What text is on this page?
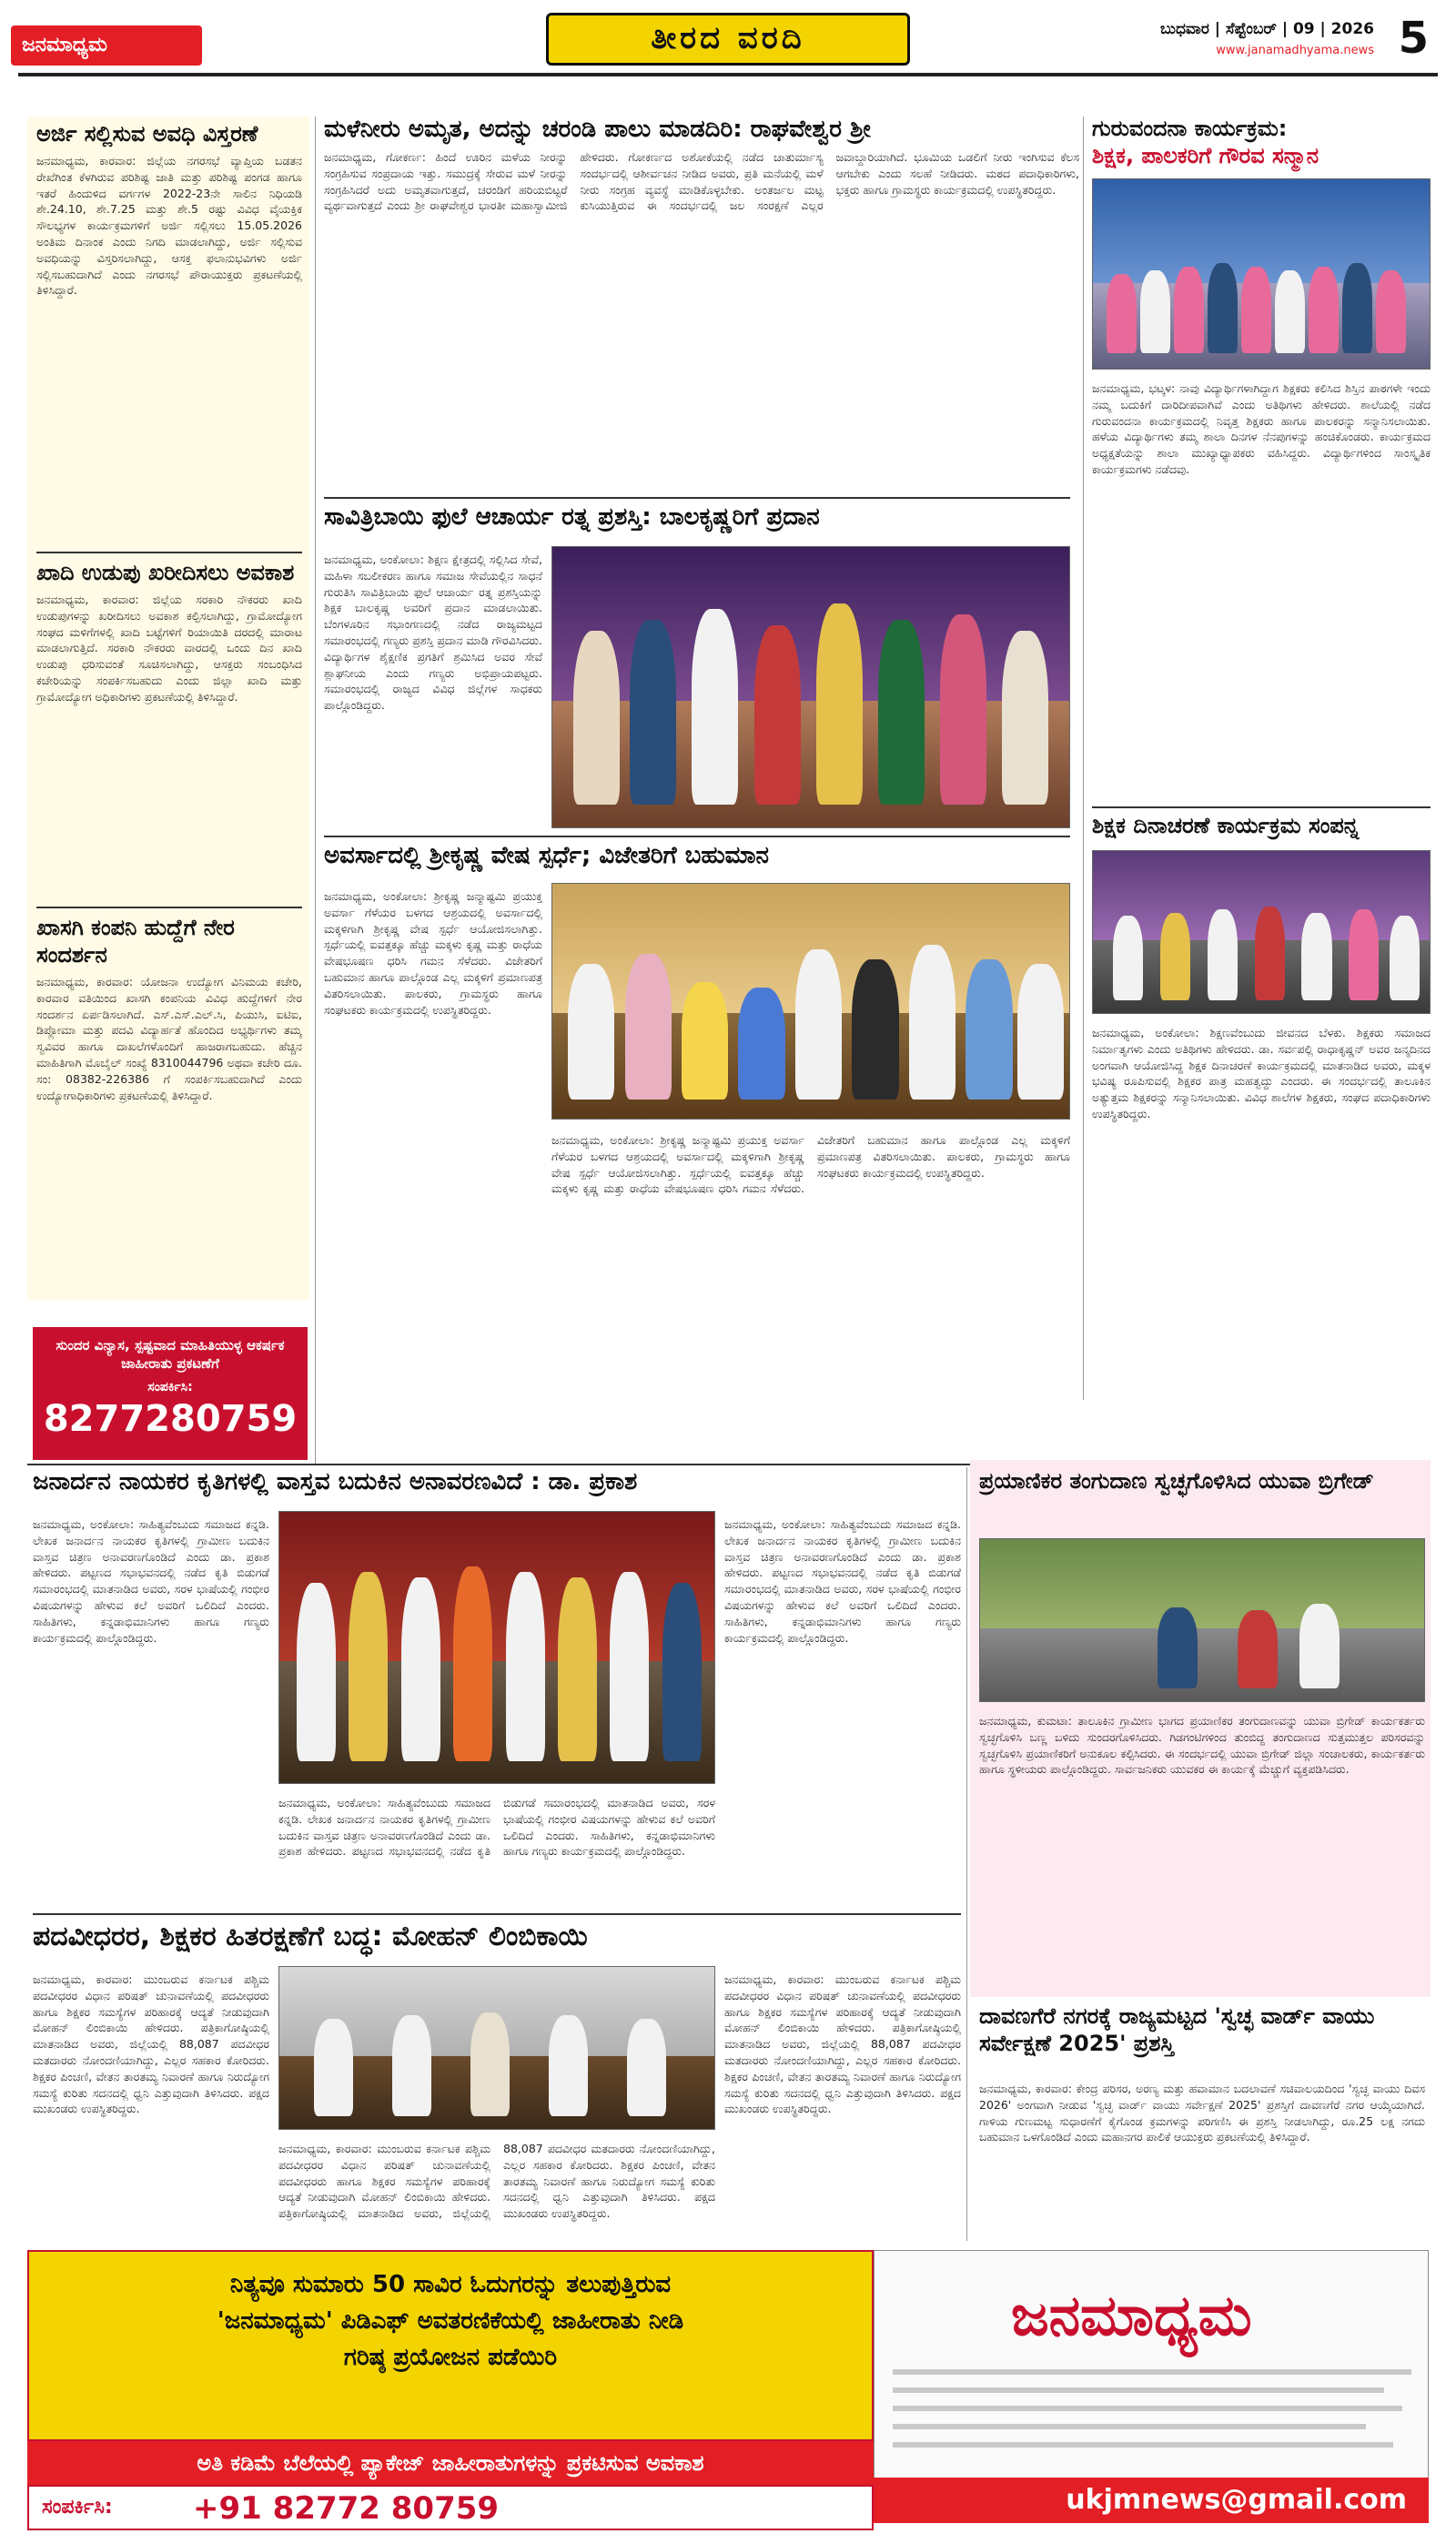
ಜನಮಾಧ್ಯಮ	ತೀರದ ವರದಿ	ಬುಧವಾರ | ಸೆಪ್ಟೆಂಬರ್ | 09 | 2026
www.janamadhyama.news 5
ಅರ್ಜಿ ಸಲ್ಲಿಸುವ ಅವಧಿ ವಿಸ್ತರಣೆ

ಜನಮಾಧ್ಯಮ, ಕಾರವಾರ: ಜಿಲ್ಲೆಯ ನಗರಸಭೆ ವ್ಯಾಪ್ತಿಯ ಬಡತನ ರೇಖೆಗಿಂತ ಕೆಳಗಿರುವ ಪರಿಶಿಷ್ಟ ಜಾತಿ ಮತ್ತು ಪರಿಶಿಷ್ಟ ಪಂಗಡ ಹಾಗೂ ಇತರೆ ಹಿಂದುಳಿದ ವರ್ಗಗಳ 2022-23ನೇ ಸಾಲಿನ ನಿಧಿಯಡಿ ಶೇ.24.10, ಶೇ.7.25 ಮತ್ತು ಶೇ.5 ರಷ್ಟು ವಿವಿಧ ವೈಯಕ್ತಿಕ ಸೌಲಭ್ಯಗಳ ಕಾರ್ಯಕ್ರಮಗಳಿಗೆ ಅರ್ಜಿ ಸಲ್ಲಿಸಲು 15.05.2026 ಅಂತಿಮ ದಿನಾಂಕ ಎಂದು ನಿಗದಿ ಮಾಡಲಾಗಿದ್ದು, ಅರ್ಜಿ ಸಲ್ಲಿಸುವ ಅವಧಿಯನ್ನು ವಿಸ್ತರಿಸಲಾಗಿದ್ದು, ಆಸಕ್ತ ಫಲಾನುಭವಿಗಳು ಅರ್ಜಿ ಸಲ್ಲಿಸಬಹುದಾಗಿದೆ ಎಂದು ನಗರಸಭೆ ಪೌರಾಯುಕ್ತರು ಪ್ರಕಟಣೆಯಲ್ಲಿ ತಿಳಿಸಿದ್ದಾರೆ.

ಖಾದಿ ಉಡುಪು ಖರೀದಿಸಲು ಅವಕಾಶ

ಜನಮಾಧ್ಯಮ, ಕಾರವಾರ: ಜಿಲ್ಲೆಯ ಸರಕಾರಿ ನೌಕರರು ಖಾದಿ ಉಡುಪುಗಳನ್ನು ಖರೀದಿಸಲು ಅವಕಾಶ ಕಲ್ಪಿಸಲಾಗಿದ್ದು, ಗ್ರಾಮೋದ್ಯೋಗ ಸಂಘದ ಮಳಿಗೆಗಳಲ್ಲಿ ಖಾದಿ ಬಟ್ಟೆಗಳಿಗೆ ರಿಯಾಯಿತಿ ದರದಲ್ಲಿ ಮಾರಾಟ ಮಾಡಲಾಗುತ್ತಿದೆ. ಸರಕಾರಿ ನೌಕರರು ವಾರದಲ್ಲಿ ಒಂದು ದಿನ ಖಾದಿ ಉಡುಪು ಧರಿಸುವಂತೆ ಸೂಚಿಸಲಾಗಿದ್ದು, ಆಸಕ್ತರು ಸಂಬಂಧಿಸಿದ ಕಚೇರಿಯನ್ನು ಸಂಪರ್ಕಿಸಬಹುದು ಎಂದು ಜಿಲ್ಲಾ ಖಾದಿ ಮತ್ತು ಗ್ರಾಮೋದ್ಯೋಗ ಅಧಿಕಾರಿಗಳು ಪ್ರಕಟಣೆಯಲ್ಲಿ ತಿಳಿಸಿದ್ದಾರೆ.

ಖಾಸಗಿ ಕಂಪನಿ ಹುದ್ದೆಗೆ ನೇರ ಸಂದರ್ಶನ

ಜನಮಾಧ್ಯಮ, ಕಾರವಾರ: ಯೋಜನಾ ಉದ್ಯೋಗ ವಿನಿಮಯ ಕಚೇರಿ, ಕಾರವಾರ ವತಿಯಿಂದ ಖಾಸಗಿ ಕಂಪನಿಯ ವಿವಿಧ ಹುದ್ದೆಗಳಿಗೆ ನೇರ ಸಂದರ್ಶನ ಏರ್ಪಡಿಸಲಾಗಿದೆ. ಎಸ್.ಎಸ್.ಎಲ್.ಸಿ, ಪಿಯುಸಿ, ಐಟಿಐ, ಡಿಪ್ಲೋಮಾ ಮತ್ತು ಪದವಿ ವಿದ್ಯಾರ್ಹತೆ ಹೊಂದಿದ ಅಭ್ಯರ್ಥಿಗಳು ತಮ್ಮ ಸ್ವವಿವರ ಹಾಗೂ ದಾಖಲೆಗಳೊಂದಿಗೆ ಹಾಜರಾಗಬಹುದು. ಹೆಚ್ಚಿನ ಮಾಹಿತಿಗಾಗಿ ಮೊಬೈಲ್ ಸಂಖ್ಯೆ 8310044796 ಅಥವಾ ಕಚೇರಿ ದೂ. ಸಂ: 08382-226386 ಗೆ ಸಂಪರ್ಕಿಸಬಹುದಾಗಿದೆ ಎಂದು ಉದ್ಯೋಗಾಧಿಕಾರಿಗಳು ಪ್ರಕಟಣೆಯಲ್ಲಿ ತಿಳಿಸಿದ್ದಾರೆ.

ಸುಂದರ ವಿನ್ಯಾಸ, ಸ್ಪಷ್ಟವಾದ ಮಾಹಿತಿಯುಳ್ಳ ಆಕರ್ಷಕ ಜಾಹೀರಾತು ಪ್ರಕಟಣೆಗೆ

ಸಂಪರ್ಕಿಸಿ:

8277280759

ಮಳೆನೀರು ಅಮೃತ, ಅದನ್ನು ಚರಂಡಿ ಪಾಲು ಮಾಡದಿರಿ: ರಾಘವೇಶ್ವರ ಶ್ರೀ

ಜನಮಾಧ್ಯಮ, ಗೋಕರ್ಣ: ಹಿಂದೆ ಊರಿನ ಮಳೆಯ ನೀರನ್ನು ಸಂಗ್ರಹಿಸುವ ಸಂಪ್ರದಾಯ ಇತ್ತು. ಸಮುದ್ರಕ್ಕೆ ಸೇರುವ ಮಳೆ ನೀರನ್ನು ಸಂಗ್ರಹಿಸಿದರೆ ಅದು ಅಮೃತವಾಗುತ್ತದೆ, ಚರಂಡಿಗೆ ಹರಿಯಬಿಟ್ಟರೆ ವ್ಯರ್ಥವಾಗುತ್ತದೆ ಎಂದು ಶ್ರೀ ರಾಘವೇಶ್ವರ ಭಾರತೀ ಮಹಾಸ್ವಾಮೀಜಿ ಹೇಳಿದರು. ಗೋಕರ್ಣದ ಅಶೋಕೆಯಲ್ಲಿ ನಡೆದ ಚಾತುರ್ಮಾಸ್ಯ ಸಂದರ್ಭದಲ್ಲಿ ಆಶೀರ್ವಚನ ನೀಡಿದ ಅವರು, ಪ್ರತಿ ಮನೆಯಲ್ಲಿ ಮಳೆ ನೀರು ಸಂಗ್ರಹ ವ್ಯವಸ್ಥೆ ಮಾಡಿಕೊಳ್ಳಬೇಕು. ಅಂತರ್ಜಲ ಮಟ್ಟ ಕುಸಿಯುತ್ತಿರುವ ಈ ಸಂದರ್ಭದಲ್ಲಿ ಜಲ ಸಂರಕ್ಷಣೆ ಎಲ್ಲರ ಜವಾಬ್ದಾರಿಯಾಗಿದೆ. ಭೂಮಿಯ ಒಡಲಿಗೆ ನೀರು ಇಂಗಿಸುವ ಕೆಲಸ ಆಗಬೇಕು ಎಂದು ಸಲಹೆ ನೀಡಿದರು. ಮಠದ ಪದಾಧಿಕಾರಿಗಳು, ಭಕ್ತರು ಹಾಗೂ ಗ್ರಾಮಸ್ಥರು ಕಾರ್ಯಕ್ರಮದಲ್ಲಿ ಉಪಸ್ಥಿತರಿದ್ದರು.

ಸಾವಿತ್ರಿಬಾಯಿ ಫುಲೆ ಆಚಾರ್ಯ ರತ್ನ ಪ್ರಶಸ್ತಿ: ಬಾಲಕೃಷ್ಣರಿಗೆ ಪ್ರದಾನ

ಜನಮಾಧ್ಯಮ, ಅಂಕೋಲಾ: ಶಿಕ್ಷಣ ಕ್ಷೇತ್ರದಲ್ಲಿ ಸಲ್ಲಿಸಿದ ಸೇವೆ, ಮಹಿಳಾ ಸಬಲೀಕರಣ ಹಾಗೂ ಸಮಾಜ ಸೇವೆಯಲ್ಲಿನ ಸಾಧನೆ ಗುರುತಿಸಿ ಸಾವಿತ್ರಿಬಾಯಿ ಫುಲೆ ಆಚಾರ್ಯ ರತ್ನ ಪ್ರಶಸ್ತಿಯನ್ನು ಶಿಕ್ಷಕ ಬಾಲಕೃಷ್ಣ ಅವರಿಗೆ ಪ್ರದಾನ ಮಾಡಲಾಯಿತು. ಬೆಂಗಳೂರಿನ ಸಭಾಂಗಣದಲ್ಲಿ ನಡೆದ ರಾಜ್ಯಮಟ್ಟದ ಸಮಾರಂಭದಲ್ಲಿ ಗಣ್ಯರು ಪ್ರಶಸ್ತಿ ಪ್ರದಾನ ಮಾಡಿ ಗೌರವಿಸಿದರು. ವಿದ್ಯಾರ್ಥಿಗಳ ಶೈಕ್ಷಣಿಕ ಪ್ರಗತಿಗೆ ಶ್ರಮಿಸಿದ ಅವರ ಸೇವೆ ಶ್ಲಾಘನೀಯ ಎಂದು ಗಣ್ಯರು ಅಭಿಪ್ರಾಯಪಟ್ಟರು. ಸಮಾರಂಭದಲ್ಲಿ ರಾಜ್ಯದ ವಿವಿಧ ಜಿಲ್ಲೆಗಳ ಸಾಧಕರು ಪಾಲ್ಗೊಂಡಿದ್ದರು.

ಅವರ್ಸಾದಲ್ಲಿ ಶ್ರೀಕೃಷ್ಣ ವೇಷ ಸ್ಪರ್ಧೆ; ವಿಜೇತರಿಗೆ ಬಹುಮಾನ

ಜನಮಾಧ್ಯಮ, ಅಂಕೋಲಾ: ಶ್ರೀಕೃಷ್ಣ ಜನ್ಮಾಷ್ಟಮಿ ಪ್ರಯುಕ್ತ ಅವರ್ಸಾ ಗೆಳೆಯರ ಬಳಗದ ಆಶ್ರಯದಲ್ಲಿ ಅವರ್ಸಾದಲ್ಲಿ ಮಕ್ಕಳಿಗಾಗಿ ಶ್ರೀಕೃಷ್ಣ ವೇಷ ಸ್ಪರ್ಧೆ ಆಯೋಜಿಸಲಾಗಿತ್ತು. ಸ್ಪರ್ಧೆಯಲ್ಲಿ ಐವತ್ತಕ್ಕೂ ಹೆಚ್ಚು ಮಕ್ಕಳು ಕೃಷ್ಣ ಮತ್ತು ರಾಧೆಯ ವೇಷಭೂಷಣ ಧರಿಸಿ ಗಮನ ಸೆಳೆದರು. ವಿಜೇತರಿಗೆ ಬಹುಮಾನ ಹಾಗೂ ಪಾಲ್ಗೊಂಡ ಎಲ್ಲ ಮಕ್ಕಳಿಗೆ ಪ್ರಮಾಣಪತ್ರ ವಿತರಿಸಲಾಯಿತು. ಪಾಲಕರು, ಗ್ರಾಮಸ್ಥರು ಹಾಗೂ ಸಂಘಟಕರು ಕಾರ್ಯಕ್ರಮದಲ್ಲಿ ಉಪಸ್ಥಿತರಿದ್ದರು.

ಜನಮಾಧ್ಯಮ, ಅಂಕೋಲಾ: ಶ್ರೀಕೃಷ್ಣ ಜನ್ಮಾಷ್ಟಮಿ ಪ್ರಯುಕ್ತ ಅವರ್ಸಾ ಗೆಳೆಯರ ಬಳಗದ ಆಶ್ರಯದಲ್ಲಿ ಅವರ್ಸಾದಲ್ಲಿ ಮಕ್ಕಳಿಗಾಗಿ ಶ್ರೀಕೃಷ್ಣ ವೇಷ ಸ್ಪರ್ಧೆ ಆಯೋಜಿಸಲಾಗಿತ್ತು. ಸ್ಪರ್ಧೆಯಲ್ಲಿ ಐವತ್ತಕ್ಕೂ ಹೆಚ್ಚು ಮಕ್ಕಳು ಕೃಷ್ಣ ಮತ್ತು ರಾಧೆಯ ವೇಷಭೂಷಣ ಧರಿಸಿ ಗಮನ ಸೆಳೆದರು. ವಿಜೇತರಿಗೆ ಬಹುಮಾನ ಹಾಗೂ ಪಾಲ್ಗೊಂಡ ಎಲ್ಲ ಮಕ್ಕಳಿಗೆ ಪ್ರಮಾಣಪತ್ರ ವಿತರಿಸಲಾಯಿತು. ಪಾಲಕರು, ಗ್ರಾಮಸ್ಥರು ಹಾಗೂ ಸಂಘಟಕರು ಕಾರ್ಯಕ್ರಮದಲ್ಲಿ ಉಪಸ್ಥಿತರಿದ್ದರು.

ಗುರುವಂದನಾ ಕಾರ್ಯಕ್ರಮ:
ಶಿಕ್ಷಕ, ಪಾಲಕರಿಗೆ ಗೌರವ ಸನ್ಮಾನ

ಜನಮಾಧ್ಯಮ, ಭಟ್ಕಳ: ನಾವು ವಿದ್ಯಾರ್ಥಿಗಳಾಗಿದ್ದಾಗ ಶಿಕ್ಷಕರು ಕಲಿಸಿದ ಶಿಸ್ತಿನ ಪಾಠಗಳೇ ಇಂದು ನಮ್ಮ ಬದುಕಿಗೆ ದಾರಿದೀಪವಾಗಿವೆ ಎಂದು ಅತಿಥಿಗಳು ಹೇಳಿದರು. ಶಾಲೆಯಲ್ಲಿ ನಡೆದ ಗುರುವಂದನಾ ಕಾರ್ಯಕ್ರಮದಲ್ಲಿ ನಿವೃತ್ತ ಶಿಕ್ಷಕರು ಹಾಗೂ ಪಾಲಕರನ್ನು ಸನ್ಮಾನಿಸಲಾಯಿತು. ಹಳೆಯ ವಿದ್ಯಾರ್ಥಿಗಳು ತಮ್ಮ ಶಾಲಾ ದಿನಗಳ ನೆನಪುಗಳನ್ನು ಹಂಚಿಕೊಂಡರು. ಕಾರ್ಯಕ್ರಮದ ಅಧ್ಯಕ್ಷತೆಯನ್ನು ಶಾಲಾ ಮುಖ್ಯಾಧ್ಯಾಪಕರು ವಹಿಸಿದ್ದರು. ವಿದ್ಯಾರ್ಥಿಗಳಿಂದ ಸಾಂಸ್ಕೃತಿಕ ಕಾರ್ಯಕ್ರಮಗಳು ನಡೆದವು.

ಶಿಕ್ಷಕ ದಿನಾಚರಣೆ ಕಾರ್ಯಕ್ರಮ ಸಂಪನ್ನ

ಜನಮಾಧ್ಯಮ, ಅಂಕೋಲಾ: ಶಿಕ್ಷಣವೆಂಬುದು ಜೀವನದ ಬೆಳಕು. ಶಿಕ್ಷಕರು ಸಮಾಜದ ನಿರ್ಮಾತೃಗಳು ಎಂದು ಅತಿಥಿಗಳು ಹೇಳಿದರು. ಡಾ. ಸರ್ವಪಲ್ಲಿ ರಾಧಾಕೃಷ್ಣನ್ ಅವರ ಜನ್ಮದಿನದ ಅಂಗವಾಗಿ ಆಯೋಜಿಸಿದ್ದ ಶಿಕ್ಷಕ ದಿನಾಚರಣೆ ಕಾರ್ಯಕ್ರಮದಲ್ಲಿ ಮಾತನಾಡಿದ ಅವರು, ಮಕ್ಕಳ ಭವಿಷ್ಯ ರೂಪಿಸುವಲ್ಲಿ ಶಿಕ್ಷಕರ ಪಾತ್ರ ಮಹತ್ವದ್ದು ಎಂದರು. ಈ ಸಂದರ್ಭದಲ್ಲಿ ತಾಲೂಕಿನ ಅತ್ಯುತ್ತಮ ಶಿಕ್ಷಕರನ್ನು ಸನ್ಮಾನಿಸಲಾಯಿತು. ವಿವಿಧ ಶಾಲೆಗಳ ಶಿಕ್ಷಕರು, ಸಂಘದ ಪದಾಧಿಕಾರಿಗಳು ಉಪಸ್ಥಿತರಿದ್ದರು.

ಜನಾರ್ದನ ನಾಯಕರ ಕೃತಿಗಳಲ್ಲಿ ವಾಸ್ತವ ಬದುಕಿನ ಅನಾವರಣವಿದೆ : ಡಾ. ಪ್ರಕಾಶ

ಜನಮಾಧ್ಯಮ, ಅಂಕೋಲಾ: ಸಾಹಿತ್ಯವೆಂಬುದು ಸಮಾಜದ ಕನ್ನಡಿ. ಲೇಖಕ ಜನಾರ್ದನ ನಾಯಕರ ಕೃತಿಗಳಲ್ಲಿ ಗ್ರಾಮೀಣ ಬದುಕಿನ ವಾಸ್ತವ ಚಿತ್ರಣ ಅನಾವರಣಗೊಂಡಿದೆ ಎಂದು ಡಾ. ಪ್ರಕಾಶ ಹೇಳಿದರು. ಪಟ್ಟಣದ ಸಭಾಭವನದಲ್ಲಿ ನಡೆದ ಕೃತಿ ಬಿಡುಗಡೆ ಸಮಾರಂಭದಲ್ಲಿ ಮಾತನಾಡಿದ ಅವರು, ಸರಳ ಭಾಷೆಯಲ್ಲಿ ಗಂಭೀರ ವಿಷಯಗಳನ್ನು ಹೇಳುವ ಕಲೆ ಅವರಿಗೆ ಒಲಿದಿದೆ ಎಂದರು. ಸಾಹಿತಿಗಳು, ಕನ್ನಡಾಭಿಮಾನಿಗಳು ಹಾಗೂ ಗಣ್ಯರು ಕಾರ್ಯಕ್ರಮದಲ್ಲಿ ಪಾಲ್ಗೊಂಡಿದ್ದರು.

ಜನಮಾಧ್ಯಮ, ಅಂಕೋಲಾ: ಸಾಹಿತ್ಯವೆಂಬುದು ಸಮಾಜದ ಕನ್ನಡಿ. ಲೇಖಕ ಜನಾರ್ದನ ನಾಯಕರ ಕೃತಿಗಳಲ್ಲಿ ಗ್ರಾಮೀಣ ಬದುಕಿನ ವಾಸ್ತವ ಚಿತ್ರಣ ಅನಾವರಣಗೊಂಡಿದೆ ಎಂದು ಡಾ. ಪ್ರಕಾಶ ಹೇಳಿದರು. ಪಟ್ಟಣದ ಸಭಾಭವನದಲ್ಲಿ ನಡೆದ ಕೃತಿ ಬಿಡುಗಡೆ ಸಮಾರಂಭದಲ್ಲಿ ಮಾತನಾಡಿದ ಅವರು, ಸರಳ ಭಾಷೆಯಲ್ಲಿ ಗಂಭೀರ ವಿಷಯಗಳನ್ನು ಹೇಳುವ ಕಲೆ ಅವರಿಗೆ ಒಲಿದಿದೆ ಎಂದರು. ಸಾಹಿತಿಗಳು, ಕನ್ನಡಾಭಿಮಾನಿಗಳು ಹಾಗೂ ಗಣ್ಯರು ಕಾರ್ಯಕ್ರಮದಲ್ಲಿ ಪಾಲ್ಗೊಂಡಿದ್ದರು.

ಜನಮಾಧ್ಯಮ, ಅಂಕೋಲಾ: ಸಾಹಿತ್ಯವೆಂಬುದು ಸಮಾಜದ ಕನ್ನಡಿ. ಲೇಖಕ ಜನಾರ್ದನ ನಾಯಕರ ಕೃತಿಗಳಲ್ಲಿ ಗ್ರಾಮೀಣ ಬದುಕಿನ ವಾಸ್ತವ ಚಿತ್ರಣ ಅನಾವರಣಗೊಂಡಿದೆ ಎಂದು ಡಾ. ಪ್ರಕಾಶ ಹೇಳಿದರು. ಪಟ್ಟಣದ ಸಭಾಭವನದಲ್ಲಿ ನಡೆದ ಕೃತಿ ಬಿಡುಗಡೆ ಸಮಾರಂಭದಲ್ಲಿ ಮಾತನಾಡಿದ ಅವರು, ಸರಳ ಭಾಷೆಯಲ್ಲಿ ಗಂಭೀರ ವಿಷಯಗಳನ್ನು ಹೇಳುವ ಕಲೆ ಅವರಿಗೆ ಒಲಿದಿದೆ ಎಂದರು. ಸಾಹಿತಿಗಳು, ಕನ್ನಡಾಭಿಮಾನಿಗಳು ಹಾಗೂ ಗಣ್ಯರು ಕಾರ್ಯಕ್ರಮದಲ್ಲಿ ಪಾಲ್ಗೊಂಡಿದ್ದರು.

ಪದವೀಧರರ, ಶಿಕ್ಷಕರ ಹಿತರಕ್ಷಣೆಗೆ ಬದ್ಧ: ಮೋಹನ್ ಲಿಂಬಿಕಾಯಿ

ಜನಮಾಧ್ಯಮ, ಕಾರವಾರ: ಮುಂಬರುವ ಕರ್ನಾಟಕ ಪಶ್ಚಿಮ ಪದವೀಧರರ ವಿಧಾನ ಪರಿಷತ್ ಚುನಾವಣೆಯಲ್ಲಿ ಪದವೀಧರರು ಹಾಗೂ ಶಿಕ್ಷಕರ ಸಮಸ್ಯೆಗಳ ಪರಿಹಾರಕ್ಕೆ ಆದ್ಯತೆ ನೀಡುವುದಾಗಿ ಮೋಹನ್ ಲಿಂಬಿಕಾಯಿ ಹೇಳಿದರು. ಪತ್ರಿಕಾಗೋಷ್ಠಿಯಲ್ಲಿ ಮಾತನಾಡಿದ ಅವರು, ಜಿಲ್ಲೆಯಲ್ಲಿ 88,087 ಪದವೀಧರ ಮತದಾರರು ನೋಂದಣಿಯಾಗಿದ್ದು, ಎಲ್ಲರ ಸಹಕಾರ ಕೋರಿದರು. ಶಿಕ್ಷಕರ ಪಿಂಚಣಿ, ವೇತನ ತಾರತಮ್ಯ ನಿವಾರಣೆ ಹಾಗೂ ನಿರುದ್ಯೋಗ ಸಮಸ್ಯೆ ಕುರಿತು ಸದನದಲ್ಲಿ ಧ್ವನಿ ಎತ್ತುವುದಾಗಿ ತಿಳಿಸಿದರು. ಪಕ್ಷದ ಮುಖಂಡರು ಉಪಸ್ಥಿತರಿದ್ದರು.

ಜನಮಾಧ್ಯಮ, ಕಾರವಾರ: ಮುಂಬರುವ ಕರ್ನಾಟಕ ಪಶ್ಚಿಮ ಪದವೀಧರರ ವಿಧಾನ ಪರಿಷತ್ ಚುನಾವಣೆಯಲ್ಲಿ ಪದವೀಧರರು ಹಾಗೂ ಶಿಕ್ಷಕರ ಸಮಸ್ಯೆಗಳ ಪರಿಹಾರಕ್ಕೆ ಆದ್ಯತೆ ನೀಡುವುದಾಗಿ ಮೋಹನ್ ಲಿಂಬಿಕಾಯಿ ಹೇಳಿದರು. ಪತ್ರಿಕಾಗೋಷ್ಠಿಯಲ್ಲಿ ಮಾತನಾಡಿದ ಅವರು, ಜಿಲ್ಲೆಯಲ್ಲಿ 88,087 ಪದವೀಧರ ಮತದಾರರು ನೋಂದಣಿಯಾಗಿದ್ದು, ಎಲ್ಲರ ಸಹಕಾರ ಕೋರಿದರು. ಶಿಕ್ಷಕರ ಪಿಂಚಣಿ, ವೇತನ ತಾರತಮ್ಯ ನಿವಾರಣೆ ಹಾಗೂ ನಿರುದ್ಯೋಗ ಸಮಸ್ಯೆ ಕುರಿತು ಸದನದಲ್ಲಿ ಧ್ವನಿ ಎತ್ತುವುದಾಗಿ ತಿಳಿಸಿದರು. ಪಕ್ಷದ ಮುಖಂಡರು ಉಪಸ್ಥಿತರಿದ್ದರು.

ಜನಮಾಧ್ಯಮ, ಕಾರವಾರ: ಮುಂಬರುವ ಕರ್ನಾಟಕ ಪಶ್ಚಿಮ ಪದವೀಧರರ ವಿಧಾನ ಪರಿಷತ್ ಚುನಾವಣೆಯಲ್ಲಿ ಪದವೀಧರರು ಹಾಗೂ ಶಿಕ್ಷಕರ ಸಮಸ್ಯೆಗಳ ಪರಿಹಾರಕ್ಕೆ ಆದ್ಯತೆ ನೀಡುವುದಾಗಿ ಮೋಹನ್ ಲಿಂಬಿಕಾಯಿ ಹೇಳಿದರು. ಪತ್ರಿಕಾಗೋಷ್ಠಿಯಲ್ಲಿ ಮಾತನಾಡಿದ ಅವರು, ಜಿಲ್ಲೆಯಲ್ಲಿ 88,087 ಪದವೀಧರ ಮತದಾರರು ನೋಂದಣಿಯಾಗಿದ್ದು, ಎಲ್ಲರ ಸಹಕಾರ ಕೋರಿದರು. ಶಿಕ್ಷಕರ ಪಿಂಚಣಿ, ವೇತನ ತಾರತಮ್ಯ ನಿವಾರಣೆ ಹಾಗೂ ನಿರುದ್ಯೋಗ ಸಮಸ್ಯೆ ಕುರಿತು ಸದನದಲ್ಲಿ ಧ್ವನಿ ಎತ್ತುವುದಾಗಿ ತಿಳಿಸಿದರು. ಪಕ್ಷದ ಮುಖಂಡರು ಉಪಸ್ಥಿತರಿದ್ದರು.

ಪ್ರಯಾಣಿಕರ ತಂಗುದಾಣ ಸ್ವಚ್ಛಗೊಳಿಸಿದ ಯುವಾ ಬ್ರಿಗೇಡ್

ಜನಮಾಧ್ಯಮ, ಕುಮಟಾ: ತಾಲೂಕಿನ ಗ್ರಾಮೀಣ ಭಾಗದ ಪ್ರಯಾಣಿಕರ ತಂಗುದಾಣವನ್ನು ಯುವಾ ಬ್ರಿಗೇಡ್ ಕಾರ್ಯಕರ್ತರು ಸ್ವಚ್ಛಗೊಳಿಸಿ ಬಣ್ಣ ಬಳಿದು ಸುಂದರಗೊಳಿಸಿದರು. ಗಿಡಗಂಟಿಗಳಿಂದ ತುಂಬಿದ್ದ ತಂಗುದಾಣದ ಸುತ್ತಮುತ್ತಲ ಪರಿಸರವನ್ನು ಸ್ವಚ್ಛಗೊಳಿಸಿ ಪ್ರಯಾಣಿಕರಿಗೆ ಅನುಕೂಲ ಕಲ್ಪಿಸಿದರು. ಈ ಸಂದರ್ಭದಲ್ಲಿ ಯುವಾ ಬ್ರಿಗೇಡ್ ಜಿಲ್ಲಾ ಸಂಚಾಲಕರು, ಕಾರ್ಯಕರ್ತರು ಹಾಗೂ ಸ್ಥಳೀಯರು ಪಾಲ್ಗೊಂಡಿದ್ದರು. ಸಾರ್ವಜನಿಕರು ಯುವಕರ ಈ ಕಾರ್ಯಕ್ಕೆ ಮೆಚ್ಚುಗೆ ವ್ಯಕ್ತಪಡಿಸಿದರು.

ದಾವಣಗೆರೆ ನಗರಕ್ಕೆ ರಾಜ್ಯಮಟ್ಟದ 'ಸ್ವಚ್ಛ ವಾರ್ಡ್ ವಾಯು ಸರ್ವೇಕ್ಷಣೆ 2025' ಪ್ರಶಸ್ತಿ

ಜನಮಾಧ್ಯಮ, ಕಾರವಾರ: ಕೇಂದ್ರ ಪರಿಸರ, ಅರಣ್ಯ ಮತ್ತು ಹವಾಮಾನ ಬದಲಾವಣೆ ಸಚಿವಾಲಯದಿಂದ 'ಸ್ವಚ್ಛ ವಾಯು ದಿವಸ 2026' ಅಂಗವಾಗಿ ನೀಡುವ 'ಸ್ವಚ್ಛ ವಾರ್ಡ್ ವಾಯು ಸರ್ವೇಕ್ಷಣೆ 2025' ಪ್ರಶಸ್ತಿಗೆ ದಾವಣಗೆರೆ ನಗರ ಆಯ್ಕೆಯಾಗಿದೆ. ಗಾಳಿಯ ಗುಣಮಟ್ಟ ಸುಧಾರಣೆಗೆ ಕೈಗೊಂಡ ಕ್ರಮಗಳನ್ನು ಪರಿಗಣಿಸಿ ಈ ಪ್ರಶಸ್ತಿ ನೀಡಲಾಗಿದ್ದು, ರೂ.25 ಲಕ್ಷ ನಗದು ಬಹುಮಾನ ಒಳಗೊಂಡಿದೆ ಎಂದು ಮಹಾನಗರ ಪಾಲಿಕೆ ಆಯುಕ್ತರು ಪ್ರಕಟಣೆಯಲ್ಲಿ ತಿಳಿಸಿದ್ದಾರೆ.

ನಿತ್ಯವೂ ಸುಮಾರು 50 ಸಾವಿರ ಓದುಗರನ್ನು ತಲುಪುತ್ತಿರುವ

'ಜನಮಾಧ್ಯಮ' ಪಿಡಿಎಫ್ ಅವತರಣಿಕೆಯಲ್ಲಿ ಜಾಹೀರಾತು ನೀಡಿ

ಗರಿಷ್ಠ ಪ್ರಯೋಜನ ಪಡೆಯಿರಿ

ಅತಿ ಕಡಿಮೆ ಬೆಲೆಯಲ್ಲಿ ಪ್ಯಾಕೇಜ್ ಜಾಹೀರಾತುಗಳನ್ನು ಪ್ರಕಟಿಸುವ ಅವಕಾಶ
ಸಂಪರ್ಕಿಸಿ:	+91 82772 80759
ಜನಮಾಧ್ಯಮ
ukjmnews@gmail.com
